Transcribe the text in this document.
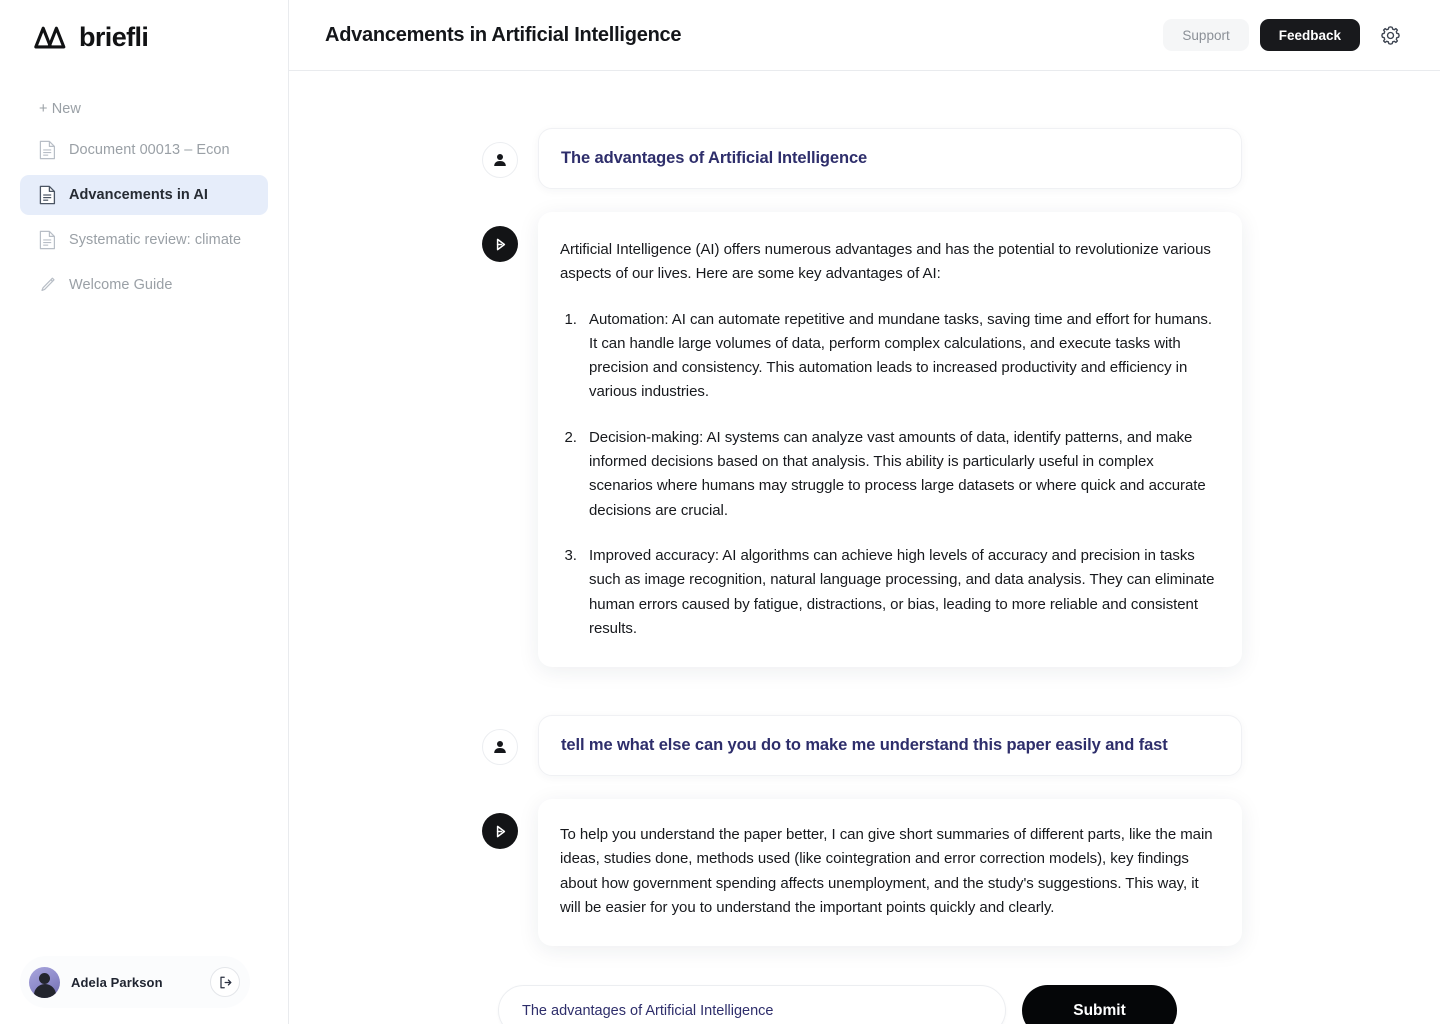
briefli
+ New
Document 00013 – Econ
Advancements in AI
Systematic review: climate
Welcome Guide
Adela Parkson
Advancements in Artificial Intelligence	Support	Feedback
The advantages of Artificial Intelligence
Artificial Intelligence (AI) offers numerous advantages and has the potential to revolutionize various aspects of our lives. Here are some key advantages of AI:
1. Automation: AI can automate repetitive and mundane tasks, saving time and effort for humans. It can handle large volumes of data, perform complex calculations, and execute tasks with precision and consistency. This automation leads to increased productivity and efficiency in various industries.
2. Decision-making: AI systems can analyze vast amounts of data, identify patterns, and make informed decisions based on that analysis. This ability is particularly useful in complex scenarios where humans may struggle to process large datasets or where quick and accurate decisions are crucial.
3. Improved accuracy: AI algorithms can achieve high levels of accuracy and precision in tasks such as image recognition, natural language processing, and data analysis. They can eliminate human errors caused by fatigue, distractions, or bias, leading to more reliable and consistent results.
tell me what else can you do to make me understand this paper easily and fast
To help you understand the paper better, I can give short summaries of different parts, like the main ideas, studies done, methods used (like cointegration and error correction models), key findings about how government spending affects unemployment, and the study's suggestions. This way, it will be easier for you to understand the important points quickly and clearly.
The advantages of Artificial Intelligence
Submit
